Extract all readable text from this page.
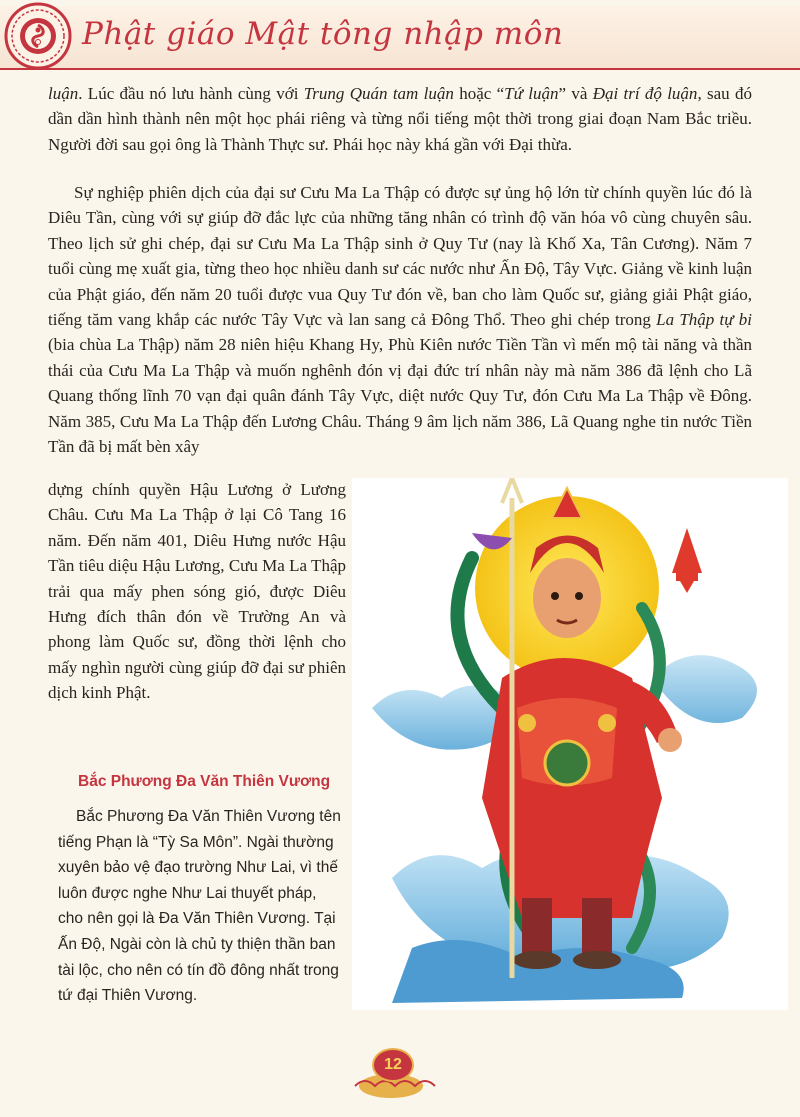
Phật giáo Mật tông nhập môn

luận. Lúc đầu nó lưu hành cùng với Trung Quán tam luận hoặc “Tứ luận” và Đại trí độ luận, sau đó dần dần hình thành nên một học phái riêng và từng nổi tiếng một thời trong giai đoạn Nam Bắc triều. Người đời sau gọi ông là Thành Thực sư. Phái học này khá gần với Đại thừa.

Sự nghiệp phiên dịch của đại sư Cưu Ma La Thập có được sự ủng hộ lớn từ chính quyền lúc đó là Diêu Tần, cùng với sự giúp đỡ đắc lực của những tăng nhân có trình độ văn hóa vô cùng chuyên sâu. Theo lịch sử ghi chép, đại sư Cưu Ma La Thập sinh ở Quy Tư (nay là Khố Xa, Tân Cương). Năm 7 tuổi cùng mẹ xuất gia, từng theo học nhiều danh sư các nước như Ấn Độ, Tây Vực. Giảng về kinh luận của Phật giáo, đến năm 20 tuổi được vua Quy Tư đón về, ban cho làm Quốc sư, giảng giải Phật giáo, tiếng tăm vang khắp các nước Tây Vực và lan sang cả Đông Thổ. Theo ghi chép trong La Thập tự bi (bia chùa La Thập) năm 28 niên hiệu Khang Hy, Phù Kiên nước Tiền Tần vì mến mộ tài năng và thần thái của Cưu Ma La Thập và muốn nghênh đón vị đại đức trí nhân này mà năm 386 đã lệnh cho Lã Quang thống lĩnh 70 vạn đại quân đánh Tây Vực, diệt nước Quy Tư, đón Cưu Ma La Thập về Đông. Năm 385, Cưu Ma La Thập đến Lương Châu. Tháng 9 âm lịch năm 386, Lã Quang nghe tin nước Tiền Tần đã bị mất bèn xây

dựng chính quyền Hậu Lương ở Lương Châu. Cưu Ma La Thập ở lại Cô Tang 16 năm. Đến năm 401, Diêu Hưng nước Hậu Tần tiêu diệu Hậu Lương, Cưu Ma La Thập trải qua mấy phen sóng gió, được Diêu Hưng đích thân đón về Trường An và phong làm Quốc sư, đồng thời lệnh cho mấy nghìn người cùng giúp đỡ đại sư phiên dịch kinh Phật.

Bắc Phương Đa Văn Thiên Vương

Bắc Phương Đa Văn Thiên Vương tên tiếng Phạn là “Tỳ Sa Môn”. Ngài thường xuyên bảo vệ đạo trường Như Lai, vì thế luôn được nghe Như Lai thuyết pháp, cho nên gọi là Đa Văn Thiên Vương. Tại Ấn Độ, Ngài còn là chủ ty thiện thần ban tài lộc, cho nên có tín đồ đông nhất trong tứ đại Thiên Vương.

12
